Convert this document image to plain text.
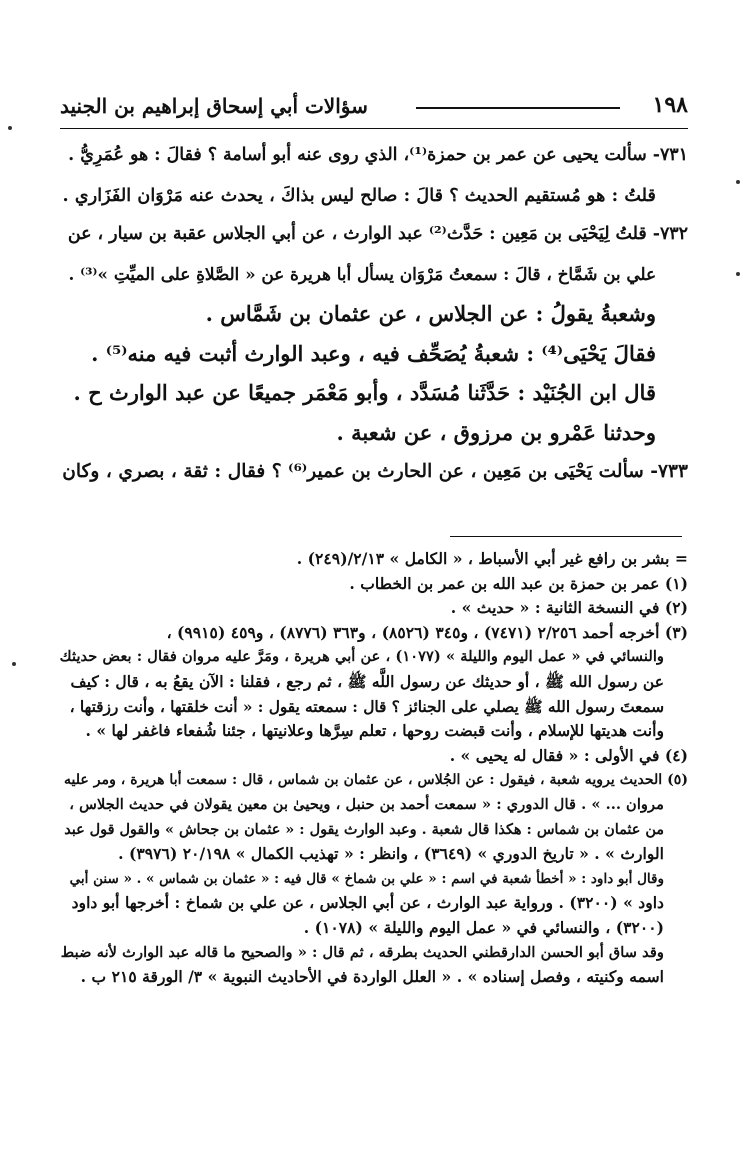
١٩٨
سؤالات أبي إسحاق إبراهيم بن الجنيد

٧٣١- سألت يحيى عن عمر بن حمزة⁽¹⁾، الذي روى عنه أبو أسامة ؟ فقالَ : هو عُمَرِيُّ .

قلتُ : هو مُستقيم الحديث ؟ قالَ : صالح ليس بذاكَ ، يحدث عنه مَرْوَان الفَزَاري .

٧٣٢- قلتُ لِيَحْيَى بن مَعِين : حَدَّث⁽²⁾ عبد الوارث ، عن أبي الجلاس عقبة بن سيار ، عن

علي بن شَمَّاخ ، قالَ : سمعتُ مَرْوَان يسأل أبا هريرة عن « الصَّلاةِ على الميِّتِ »⁽³⁾ .

وشعبةُ يقولُ : عن الجلاس ، عن عثمان بن شَمَّاس .

فقالَ يَحْيَى⁽⁴⁾ : شعبةُ يُصَحِّف فيه ، وعبد الوارث أثبت فيه منه⁽⁵⁾ .

قال ابن الجُنَيْد : حَدَّثَنا مُسَدَّد ، وأبو مَعْمَر جميعًا عن عبد الوارث ح .

وحدثنا عَمْرو بن مرزوق ، عن شعبة .

٧٣٣- سألت يَحْيَى بن مَعِين ، عن الحارث بن عمير⁽⁶⁾ ؟ فقال : ثقة ، بصري ، وكان

= بشر بن رافع غير أبي الأسباط ، « الكامل » ٢/١٣/(٢٤٩) .

(١) عمر بن حمزة بن عبد الله بن عمر بن الخطاب .

(٢) في النسخة الثانية : « حديث » .

(٣) أخرجه أحمد ٢/٢٥٦ (٧٤٧١) ، و٣٤٥ (٨٥٢٦) ، و٣٦٣ (٨٧٧٦) ، و٤٥٩ (٩٩١٥) ،

والنسائي في « عمل اليوم والليلة » (١٠٧٧) ، عن أبي هريرة ، ومَرَّ عليه مروان فقال : بعض حديثك

عن رسول الله ﷺ ، أو حديثك عن رسول اللَّه ﷺ ، ثم رجع ، فقلنا : الآن يقعُ به ، قال : كيف

سمعتَ رسول الله ﷺ يصلي على الجنائز ؟ قال : سمعته يقول : « أنت خلقتها ، وأنت رزقتها ،

وأنت هديتها للإسلام ، وأنت قبضت روحها ، تعلم سِرَّها وعلانيتها ، جئنا شُفعاء فاغفر لها » .

(٤) في الأولى : « فقال له يحيى » .

(٥) الحديث يرويه شعبة ، فيقول : عن الجُلاس ، عن عثمان بن شماس ، قال : سمعت أبا هريرة ، ومر عليه

مروان ... » . قال الدوري : « سمعت أحمد بن حنبل ، ويحيىٰ بن معين يقولان في حديث الجلاس ،

من عثمان بن شماس : هكذا قال شعبة . وعبد الوارث يقول : « عثمان بن جحاش » والقول قول عبد

الوارث » . « تاريخ الدوري » (٣٦٤٩) ، وانظر : « تهذيب الكمال » ٢٠/١٩٨ (٣٩٧٦) .

وقال أبو داود : « أخطأ شعبة في اسم : « علي بن شماخ » قال فيه : « عثمان بن شماس » . « سنن أبي

داود » (٣٢٠٠) . ورواية عبد الوارث ، عن أبي الجلاس ، عن علي بن شماخ : أخرجها أبو داود

(٣٢٠٠) ، والنسائي في « عمل اليوم والليلة » (١٠٧٨) .

وقد ساق أبو الحسن الدارقطني الحديث بطرقه ، ثم قال : « والصحيح ما قاله عبد الوارث لأنه ضبط

اسمه وكنيته ، وفصل إسناده » . « العلل الواردة في الأحاديث النبوية » ٣/ الورقة ٢١٥ ب .
